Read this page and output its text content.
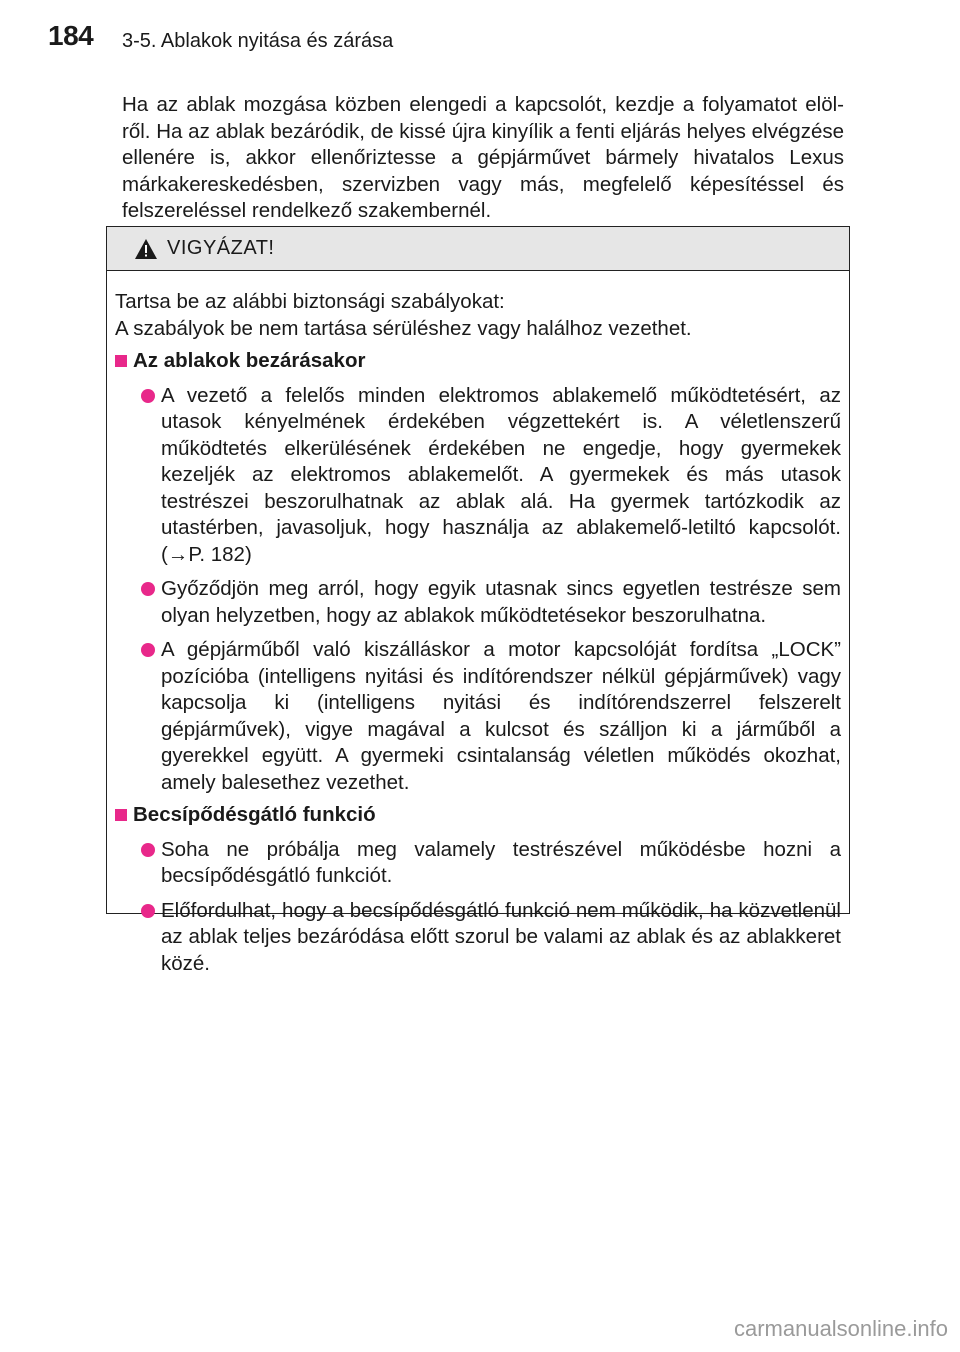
184 3-5. Ablakok nyitása és zárása

Ha az ablak mozgása közben elengedi a kapcsolót, kezdje a folyamatot elöl-ről. Ha az ablak bezáródik, de kissé újra kinyílik a fenti eljárás helyes elvégzése ellenére is, akkor ellenőriztesse a gépjárművet bármely hivatalos Lexus márkakereskedésben, szervizben vagy más, megfelelő képesítéssel és felszereléssel rendelkező szakembernél.

VIGYÁZAT!

Tartsa be az alábbi biztonsági szabályokat:

A szabályok be nem tartása sérüléshez vagy halálhoz vezethet.

Az ablakok bezárásakor
A vezető a felelős minden elektromos ablakemelő működtetésért, az utasok kényelmének érdekében végzettekért is. A véletlenszerű működtetés elkerülésének érdekében ne engedje, hogy gyermekek kezeljék az elektromos ablakemelőt. A gyermekek és más utasok testrészei beszorulhatnak az ablak alá. Ha gyermek tartózkodik az utastérben, javasoljuk, hogy használja az ablakemelő-letiltó kapcsolót. (→P. 182)
Győződjön meg arról, hogy egyik utasnak sincs egyetlen testrésze sem olyan helyzetben, hogy az ablakok működtetésekor beszorulhatna.
A gépjárműből való kiszálláskor a motor kapcsolóját fordítsa „LOCK” pozícióba (intelligens nyitási és indítórendszer nélkül gépjárművek) vagy kapcsolja ki (intelligens nyitási és indítórendszerrel felszerelt gépjárművek), vigye magával a kulcsot és szálljon ki a járműből a gyerekkel együtt. A gyermeki csintalanság véletlen működés okozhat, amely balesethez vezethet.
Becsípődésgátló funkció
Soha ne próbálja meg valamely testrészével működésbe hozni a becsípődésgátló funkciót.
Előfordulhat, hogy a becsípődésgátló funkció nem működik, ha közvetlenül az ablak teljes bezáródása előtt szorul be valami az ablak és az ablakkeret közé.
carmanualsonline.info
